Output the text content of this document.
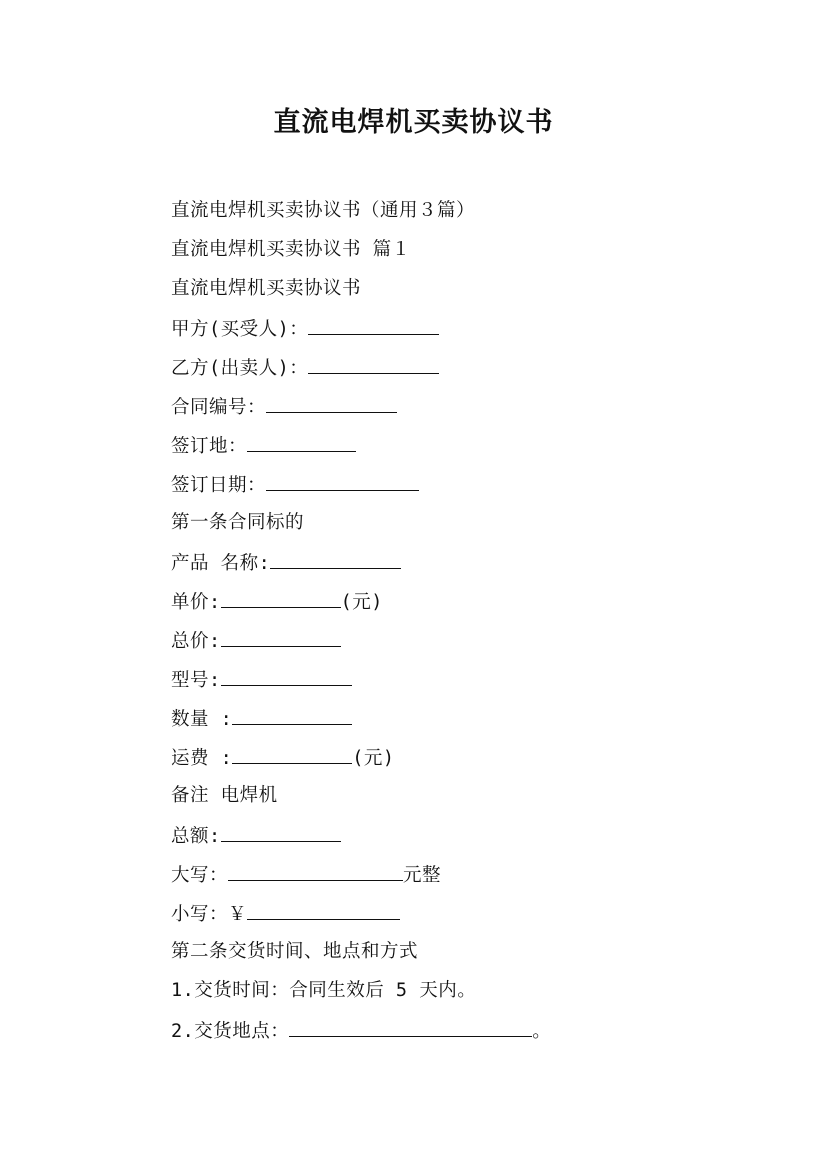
直流电焊机买卖协议书
直流电焊机买卖协议书（通用３篇）
直流电焊机买卖协议书 篇１
直流电焊机买卖协议书
甲方(买受人)：
乙方(出卖人)：
合同编号：
签订地：
签订日期：
第一条合同标的
产品 名称:
单价:	(元)
总价:
型号:
数量 :
运费 :	(元)
备注 电焊机
总额:
大写：	元整
小写：￥
第二条交货时间、地点和方式
1.交货时间：合同生效后 5 天内。
2.交货地点：	。
